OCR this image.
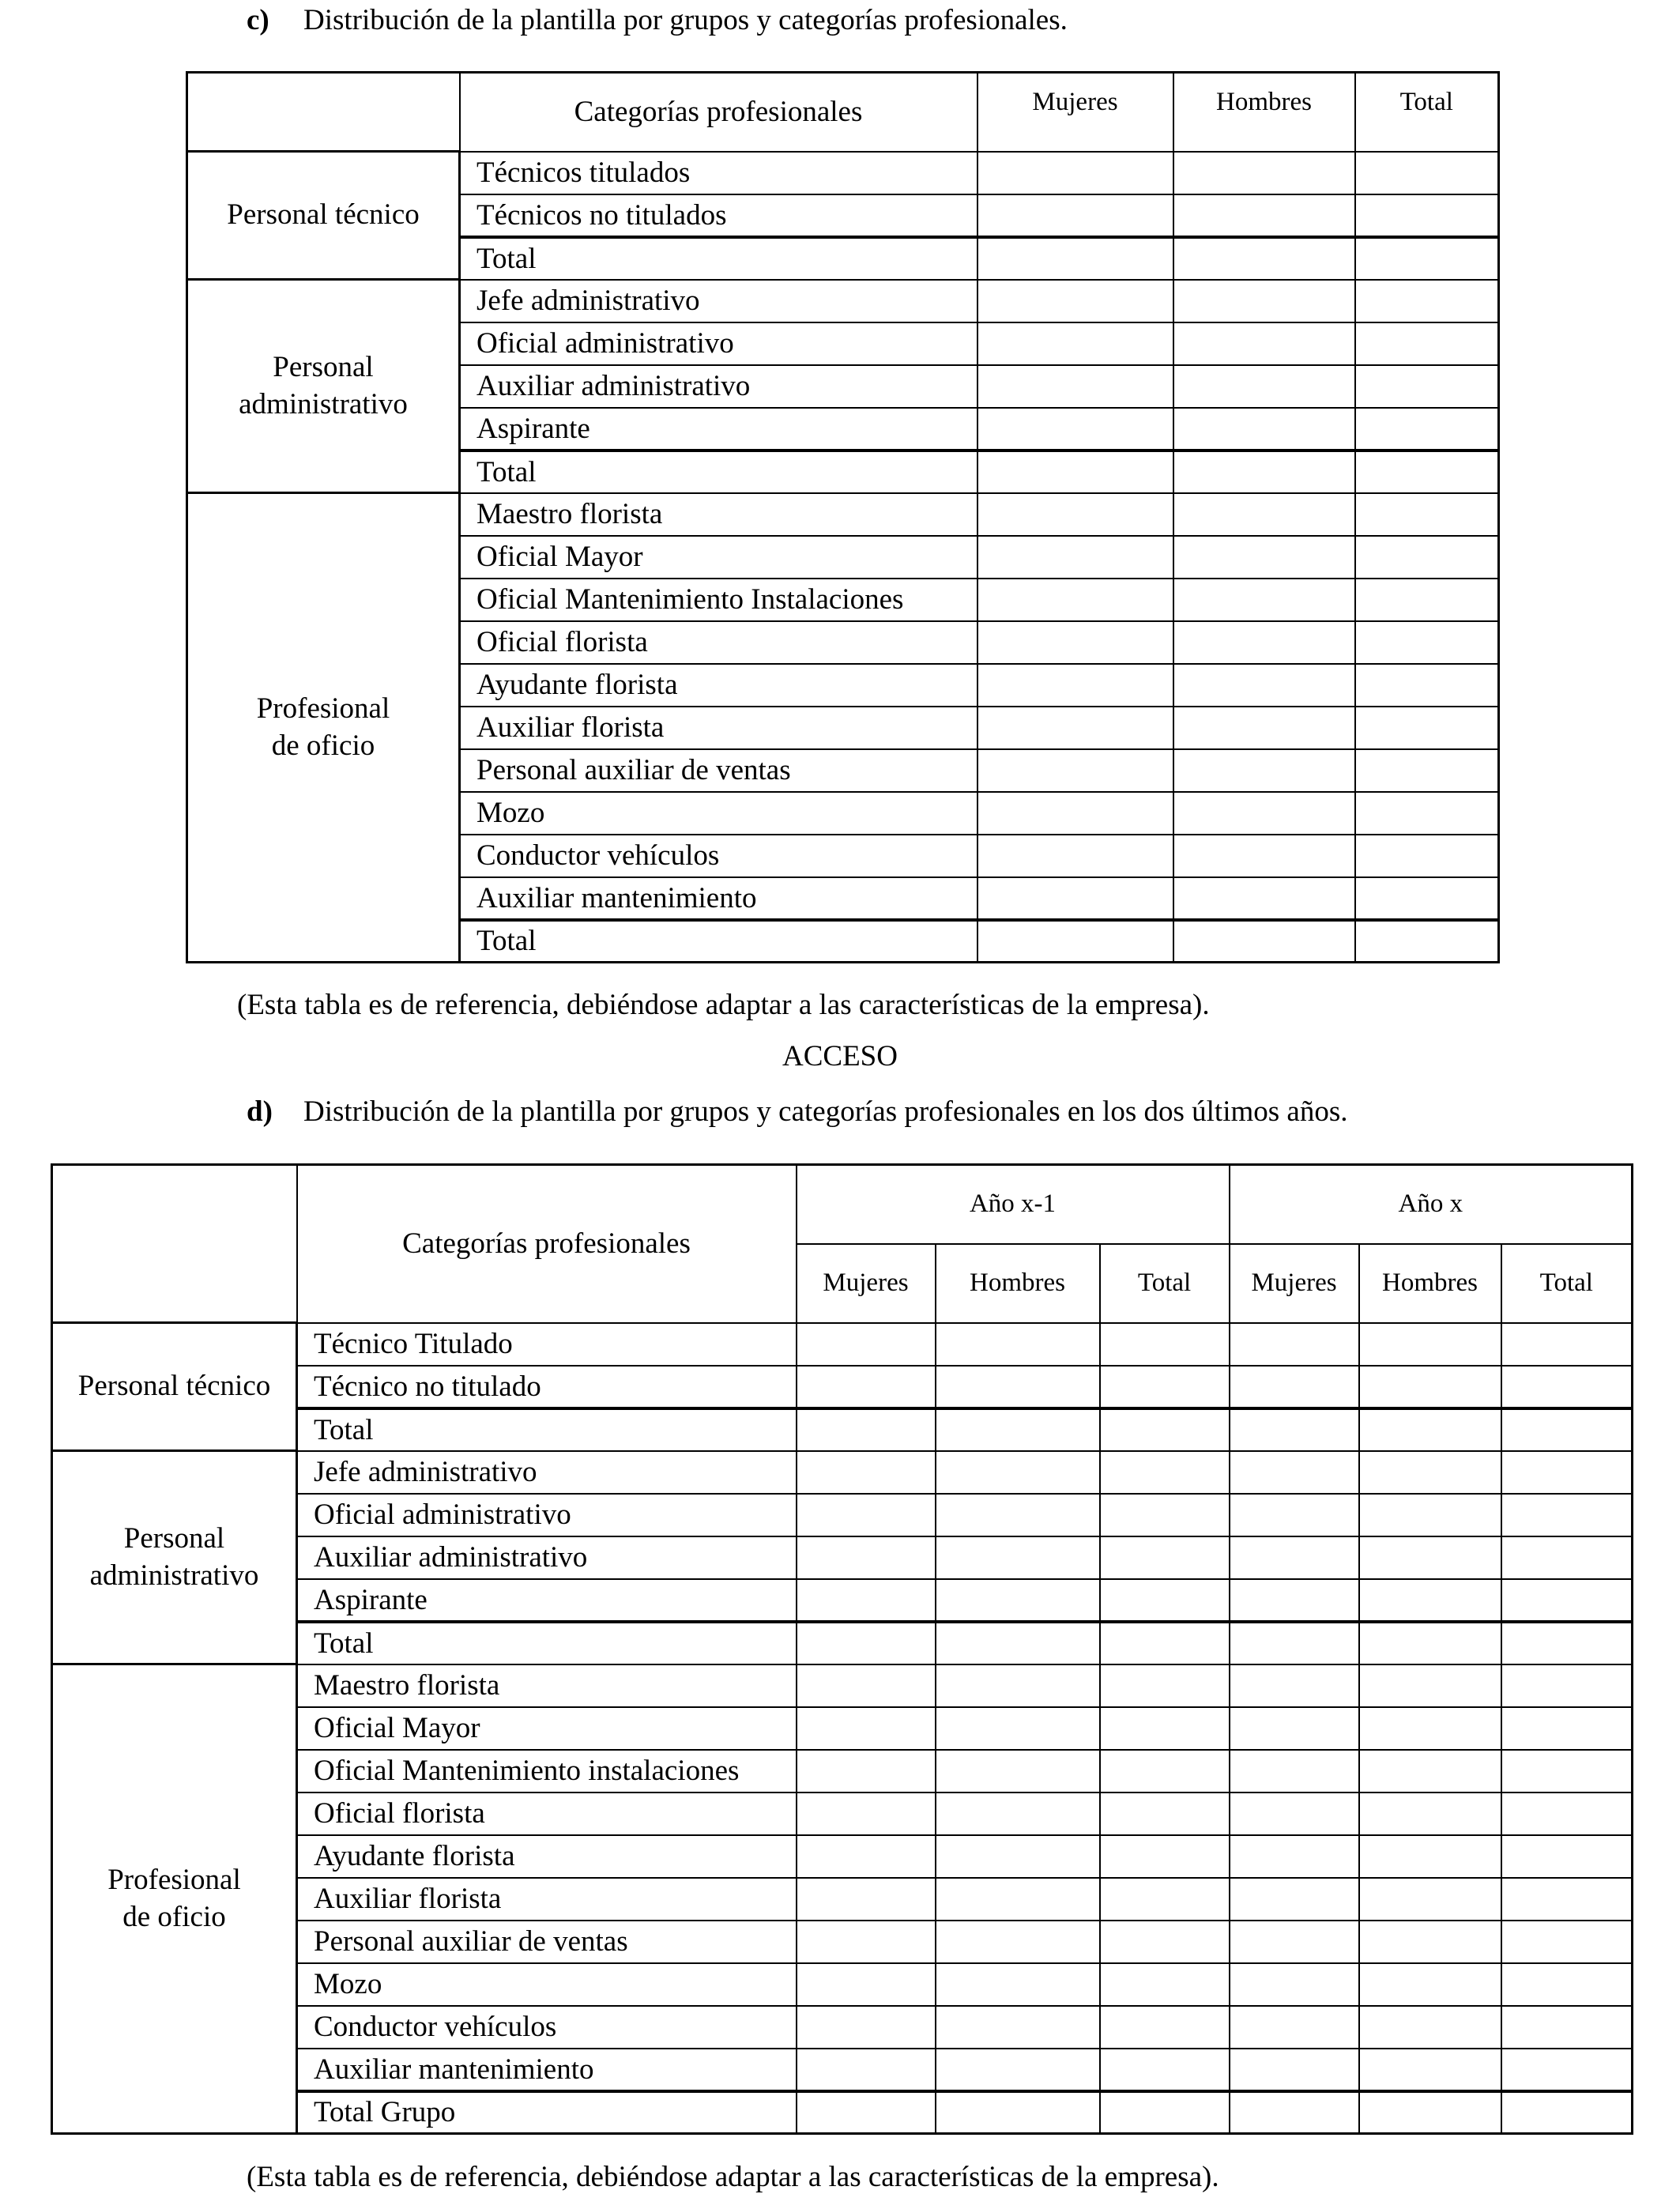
c) Distribución de la plantilla por grupos y categorías profesionales.
	Categorías profesionales	Mujeres	Hombres	Total
Personal técnico	Técnicos titulados			
	Técnicos no titulados			
	Total			
Personal
administrativo	Jefe administrativo			
	Oficial administrativo			
	Auxiliar administrativo			
	Aspirante			
	Total			
Profesional
de oficio	Maestro florista			
	Oficial Mayor			
	Oficial Mantenimiento Instalaciones			
	Oficial florista			
	Ayudante florista			
	Auxiliar florista			
	Personal auxiliar de ventas			
	Mozo			
	Conductor vehículos			
	Auxiliar mantenimiento			
	Total			
(Esta tabla es de referencia, debiéndose adaptar a las características de la empresa).
ACCESO
d) Distribución de la plantilla por grupos y categorías profesionales en los dos últimos años.
	Categorías profesionales	Año x-1			Año x		
		Mujeres	Hombres	Total	Mujeres	Hombres	Total
Personal técnico	Técnico Titulado						
	Técnico no titulado						
	Total						
Personal
administrativo	Jefe administrativo						
	Oficial administrativo						
	Auxiliar administrativo						
	Aspirante						
	Total						
Profesional
de oficio	Maestro florista						
	Oficial Mayor						
	Oficial Mantenimiento instalaciones						
	Oficial florista						
	Ayudante florista						
	Auxiliar florista						
	Personal auxiliar de ventas						
	Mozo						
	Conductor vehículos						
	Auxiliar mantenimiento						
	Total Grupo						
(Esta tabla es de referencia, debiéndose adaptar a las características de la empresa).
